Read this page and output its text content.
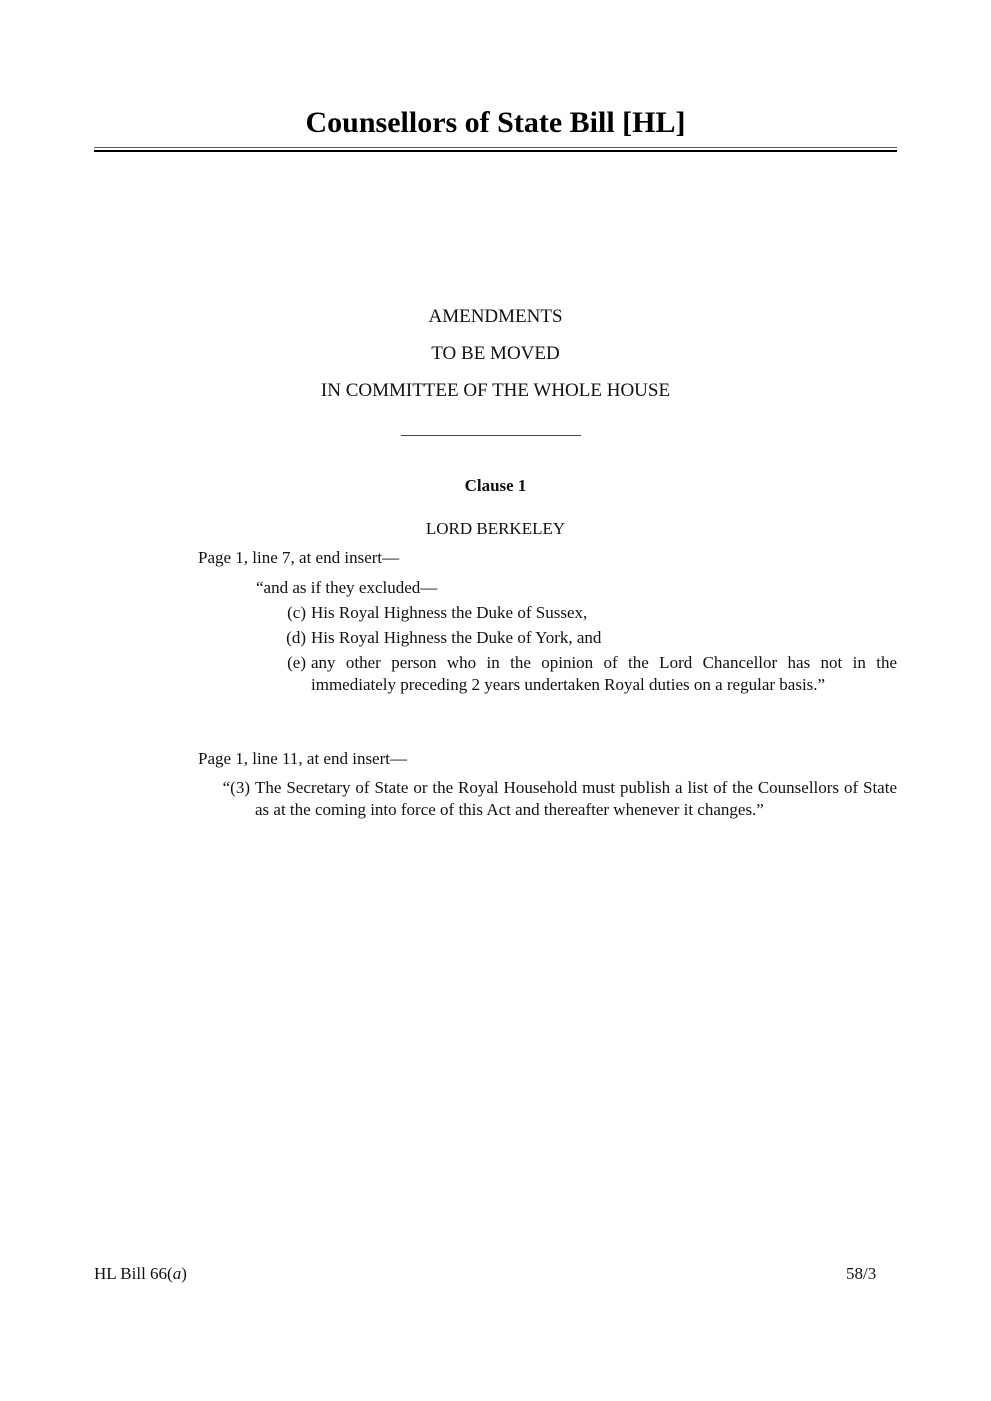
Counsellors of State Bill [HL]
AMENDMENTS
TO BE MOVED
IN COMMITTEE OF THE WHOLE HOUSE
Clause 1
LORD BERKELEY
Page 1, line 7, at end insert—
“and as if they excluded—
(c) His Royal Highness the Duke of Sussex,
(d) His Royal Highness the Duke of York, and
(e) any other person who in the opinion of the Lord Chancellor has not in the immediately preceding 2 years undertaken Royal duties on a regular basis.”
Page 1, line 11, at end insert—
“(3) The Secretary of State or the Royal Household must publish a list of the Counsellors of State as at the coming into force of this Act and thereafter whenever it changes.”
HL Bill 66(a)	58/3
